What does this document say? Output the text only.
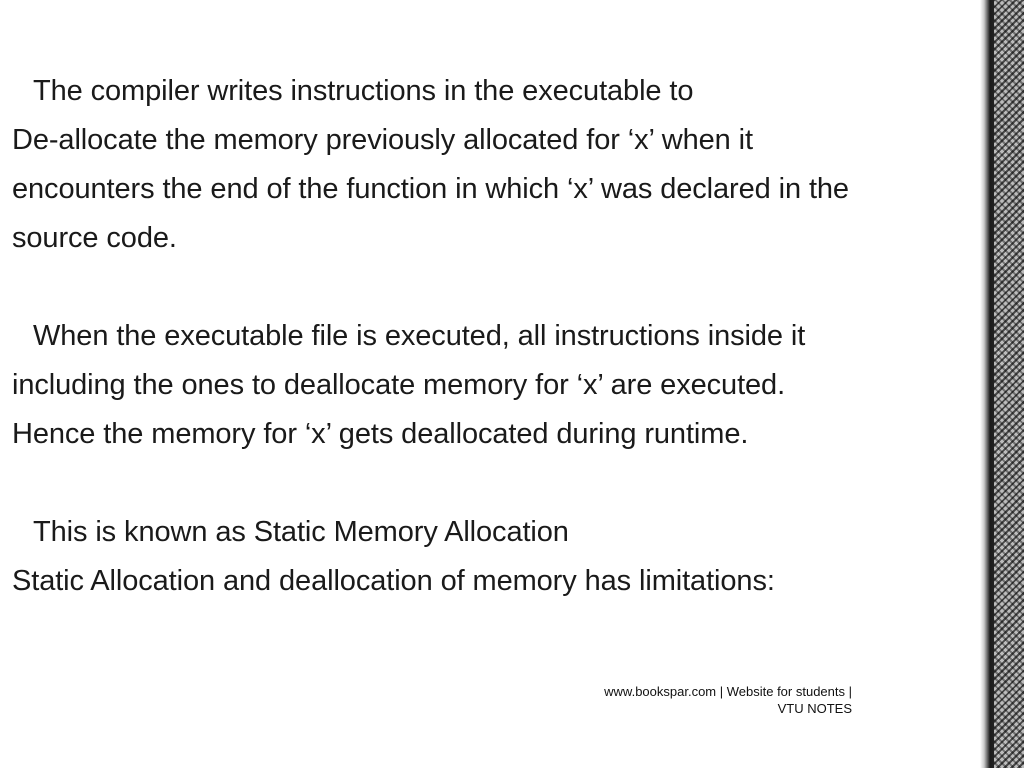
The compiler writes instructions in the executable to
De-allocate the memory previously allocated for ‘x’ when it
encounters the end of the function in which ‘x’ was declared in the
source code.
When the executable file is executed, all instructions inside it
including the ones to deallocate memory for ‘x’ are executed.
Hence the memory for ‘x’ gets deallocated during runtime.
This is known as Static Memory Allocation
Static Allocation and deallocation of memory has limitations:
www.bookspar.com | Website for students |
VTU NOTES
